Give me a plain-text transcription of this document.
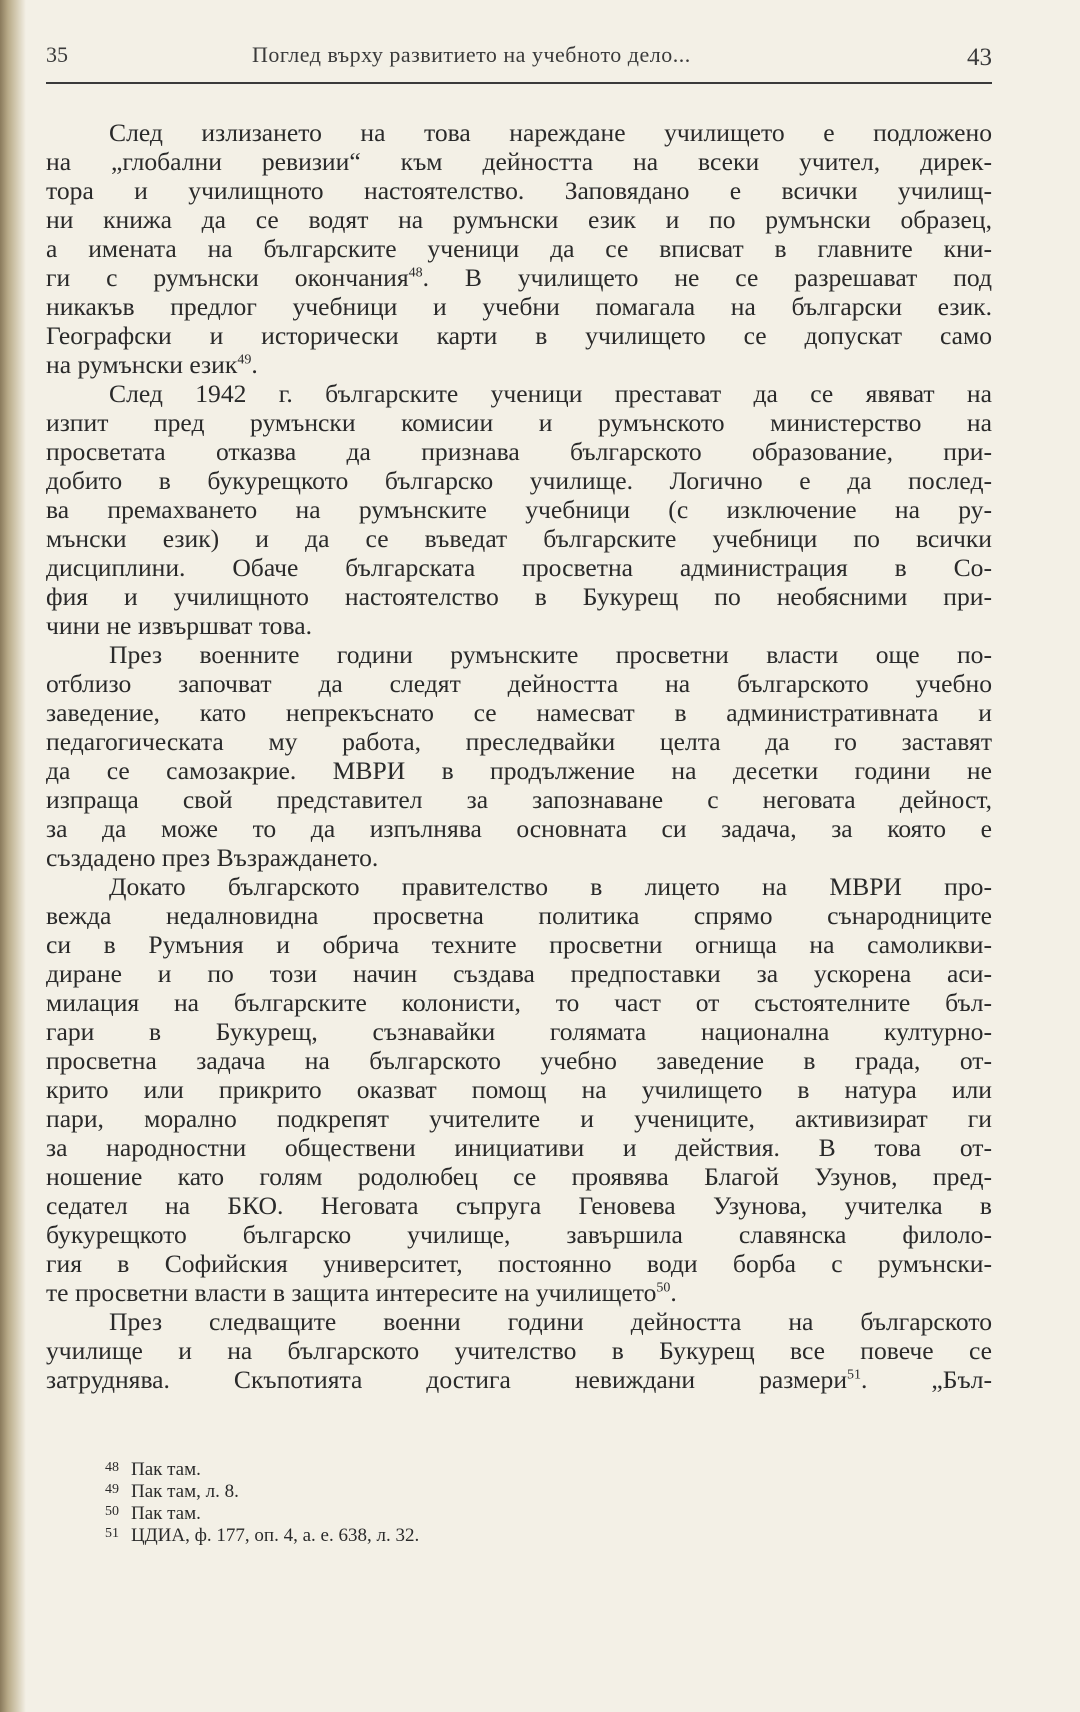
35	Поглед върху развитието на учебното дело...	43
След излизането на това нареждане училището е подложено
на „глобални ревизии“ към дейността на всеки учител, дирек-
тора и училищното настоятелство. Заповядано е всички училищ-
ни книжа да се водят на румънски език и по румънски образец,
а имената на българските ученици да се вписват в главните кни-
ги с румънски окончания$^{48}$. В училището не се разрешават под
никакъв предлог учебници и учебни помагала на български език.
Географски и исторически карти в училището се допускат само
на румънски език$^{49}$.
След 1942 г. българските ученици престават да се явяват на
изпит пред румънски комисии и румънското министерство на
просветата отказва да признава българското образование, при-
добито в букурещкото българско училище. Логично е да послед-
ва премахването на румънските учебници (с изключение на ру-
мънски език) и да се въведат българските учебници по всички
дисциплини. Обаче българската просветна администрация в Со-
фия и училищното настоятелство в Букурещ по необясними при-
чини не извършват това.
През военните години румънските просветни власти още по-
отблизо започват да следят дейността на българското учебно
заведение, като непрекъснато се намесват в административната и
педагогическата му работа, преследвайки целта да го заставят
да се самозакрие. МВРИ в продължение на десетки години не
изпраща свой представител за запознаване с неговата дейност,
за да може то да изпълнява основната си задача, за която е
създадено през Възраждането.
Докато българското правителство в лицето на МВРИ про-
вежда недалновидна просветна политика спрямо сънародниците
си в Румъния и обрича техните просветни огнища на самоликви-
диране и по този начин създава предпоставки за ускорена аси-
милация на българските колонисти, то част от състоятелните бъл-
гари в Букурещ, съзнавайки голямата национална културно-
просветна задача на българското учебно заведение в града, от-
крито или прикрито оказват помощ на училището в натура или
пари, морално подкрепят учителите и учениците, активизират ги
за народностни обществени инициативи и действия. В това от-
ношение като голям родолюбец се проявява Благой Узунов, пред-
седател на БКО. Неговата съпруга Геновева Узунова, учителка в
букурещкото българско училище, завършила славянска филоло-
гия в Софийския университет, постоянно води борба с румънски-
те просветни власти в защита интересите на училището$^{50}$.
През следващите военни години дейността на българското
училище и на българското учителство в Букурещ все повече се
затруднява. Скъпотията достига невиждани размери$^{51}$. „Бъл-
48 Пак там.
49 Пак там, л. 8.
50 Пак там.
51 ЦДИА, ф. 177, оп. 4, а. е. 638, л. 32.
